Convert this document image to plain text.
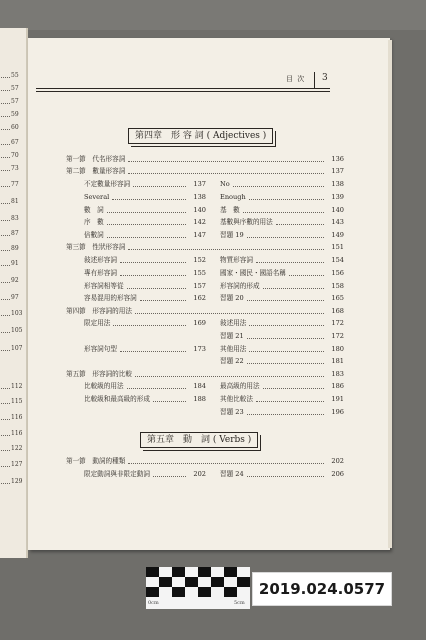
55
57
57
59
60
67
70
73
77
81
83
87
89
91
92
97
103
105
107
112
115
116
116
122
127
129
目 次 3
第四章　形 容 詞 ( Adjectives )
第五章　動　詞 ( Verbs )
0cm	5cm
2019.024.0577
第一節　代名形容詞	136
第二節　數量形容詞	137
不定數量形容詞	137 No	138
Several	138 Enough	139
數　詞	140 基　數	140
序　數	142 基數與序數的用法	143
倍數詞	147 習題 19	149
第三節　性狀形容詞	151
敍述形容詞	152 物質形容詞	154
專有形容詞	155 國家・國民・國語名稱	156
形容詞相等從	157 形容詞的形成	158
容易混用的形容詞	162 習題 20	165
第四節　形容詞的用法	168
限定用法	169 敍述用法	172
習題 21	172
形容詞句型	173 其他用法	180
習題 22	181
第五節　形容詞的比較	183
比較級的用法	184 最高級的用法	186
比較級和最高級的形成	188 其他比較法	191
習題 23	196
第一節　動詞的種類	202
限定動詞與非限定動詞	202 習題 24	206
